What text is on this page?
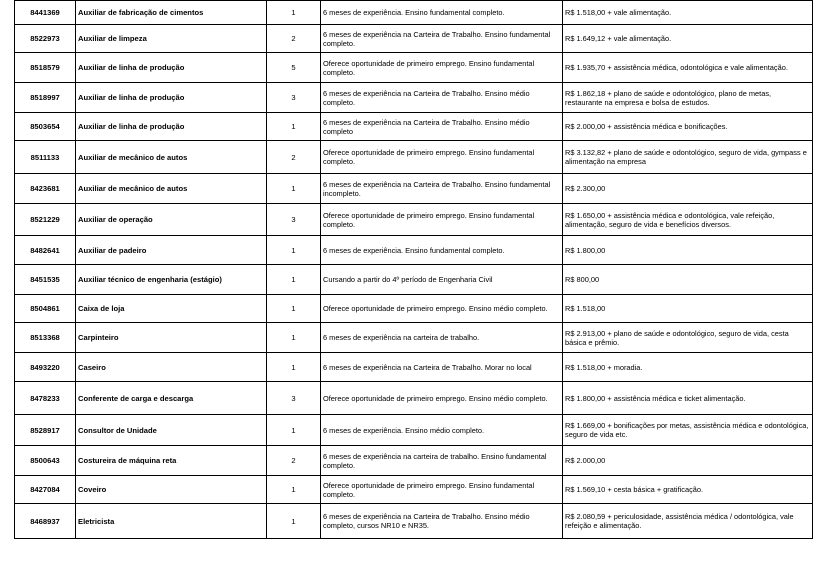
8441369	Auxiliar de fabricação de cimentos	1	6 meses de experiência. Ensino fundamental completo.	R$ 1.518,00 + vale alimentação.
8522973	Auxiliar de limpeza	2	6 meses de experiência na Carteira de Trabalho. Ensino fundamental completo.	R$ 1.649,12 + vale alimentação.
8518579	Auxiliar de linha de produção	5	Oferece oportunidade de primeiro emprego. Ensino fundamental completo.	R$ 1.935,70 + assistência médica, odontológica e vale alimentação.
8518997	Auxiliar de linha de produção	3	6 meses de experiência na Carteira de Trabalho. Ensino médio completo.	R$ 1.862,18 + plano de saúde e odontológico, plano de metas, restaurante na empresa e bolsa de estudos.
8503654	Auxiliar de linha de produção	1	6 meses de experiência na Carteira de Trabalho. Ensino médio completo	R$ 2.000,00 + assistência médica e bonificações.
8511133	Auxiliar de mecânico de autos	2	Oferece oportunidade de primeiro emprego. Ensino fundamental completo.	R$ 3.132,82 + plano de saúde e odontológico, seguro de vida, gympass e alimentação na empresa
8423681	Auxiliar de mecânico de autos	1	6 meses de experiência na Carteira de Trabalho. Ensino fundamental incompleto.	R$ 2.300,00
8521229	Auxiliar de operação	3	Oferece oportunidade de primeiro emprego. Ensino fundamental completo.	R$ 1.650,00 + assistência médica e odontológica, vale refeição, alimentação, seguro de vida e benefícios diversos.
8482641	Auxiliar de padeiro	1	6 meses de experiência. Ensino fundamental completo.	R$ 1.800,00
8451535	Auxiliar técnico de engenharia (estágio)	1	Cursando a partir do 4º período de Engenharia Civil	R$ 800,00
8504861	Caixa de loja	1	Oferece oportunidade de primeiro emprego. Ensino médio completo.	R$ 1.518,00
8513368	Carpinteiro	1	6 meses de experiência na carteira de trabalho.	R$ 2.913,00 + plano de saúde e odontológico, seguro de vida, cesta básica e prêmio.
8493220	Caseiro	1	6 meses de experiência na Carteira de Trabalho. Morar no local	R$ 1.518,00 + moradia.
8478233	Conferente de carga e descarga	3	Oferece oportunidade de primeiro emprego. Ensino médio completo.	R$ 1.800,00 + assistência médica e ticket alimentação.
8528917	Consultor de Unidade	1	6 meses de experiência. Ensino médio completo.	R$ 1.669,00 + bonificações por metas, assistência médica e odontológica, seguro de vida etc.
8500643	Costureira de máquina reta	2	6 meses de experiência na carteira de trabalho. Ensino fundamental completo.	R$ 2.000,00
8427084	Coveiro	1	Oferece oportunidade de primeiro emprego. Ensino fundamental completo.	R$ 1.569,10 + cesta básica + gratificação.
8468937	Eletricista	1	6 meses de experiência na Carteira de Trabalho. Ensino médio completo, cursos NR10 e NR35.	R$ 2.080,59 + periculosidade, assistência médica / odontológica, vale refeição e alimentação.
